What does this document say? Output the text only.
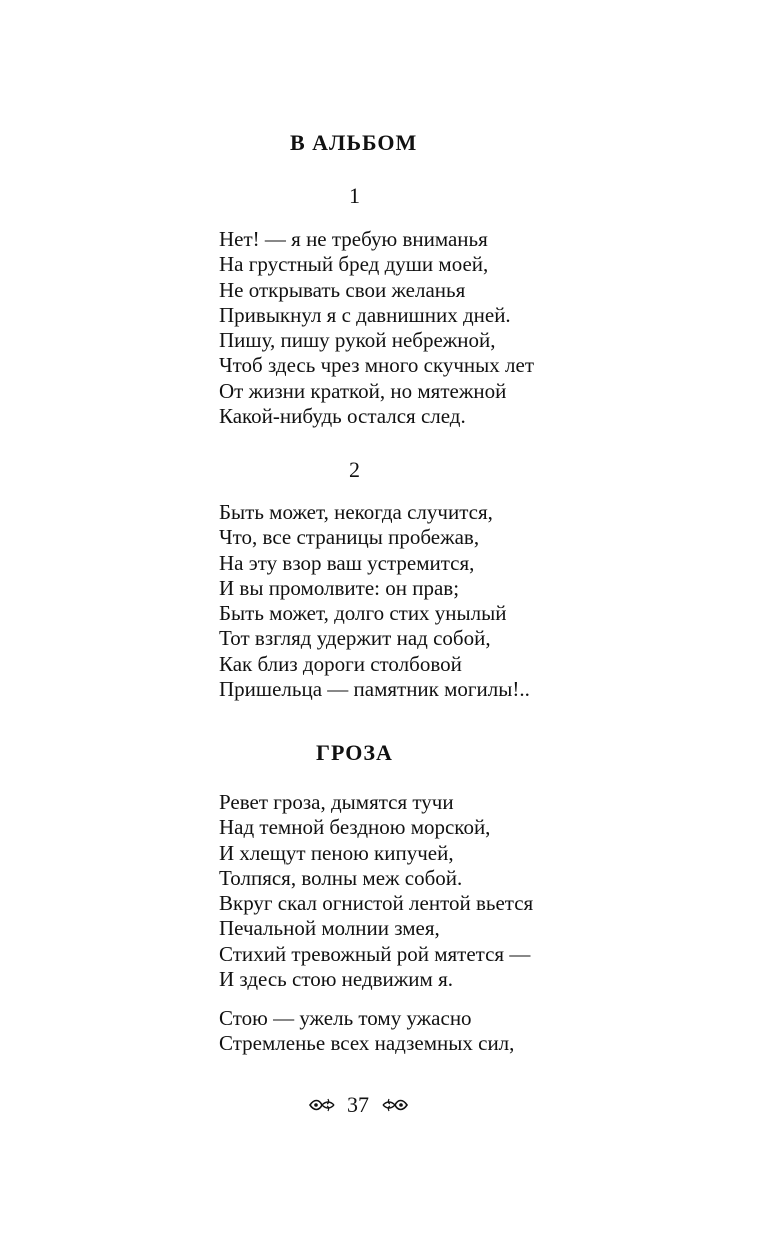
В АЛЬБОМ
1
Нет! — я не требую вниманья
На грустный бред души моей,
Не открывать свои желанья
Привыкнул я с давнишних дней.
Пишу, пишу рукой небрежной,
Чтоб здесь чрез много скучных лет
От жизни краткой, но мятежной
Какой-нибудь остался след.
2
Быть может, некогда случится,
Что, все страницы пробежав,
На эту взор ваш устремится,
И вы промолвите: он прав;
Быть может, долго стих унылый
Тот взгляд удержит над собой,
Как близ дороги столбовой
Пришельца — памятник могилы!..
ГРОЗА
Ревет гроза, дымятся тучи
Над темной бездною морской,
И хлещут пеною кипучей,
Толпяся, волны меж собой.
Вкруг скал огнистой лентой вьется
Печальной молнии змея,
Стихий тревожный рой мятется —
И здесь стою недвижим я.
Стою — ужель тому ужасно
Стремленье всех надземных сил,
37
